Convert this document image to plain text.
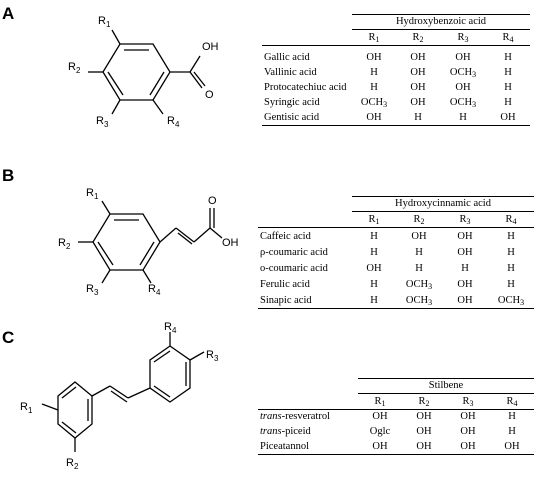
A
OH
O
$R_1$
$R_2$
$R_3$	$R_4$
Hydroxybenzoic acid
R1	R2	R3	R4
Gallic acid	OH	OH	OH	H
Vallinic acid	H	OH	OCH3	H
Protocatechiuc acid	H	OH	OH	H
Syringic acid	OCH3	OH	OCH3	H
Gentisic acid	OH	H	H	OH
B
O
OH
$R_1$
$R_2$
$R_3$	$R_4$
Hydroxycinnamic acid
R1	R2	R3	R4
Caffeic acid	H	OH	OH	H
ρ-coumaric acid	H	H	OH	H
o-coumaric acid	OH	H	H	H
Ferulic acid	H	OCH3	OH	H
Sinapic acid	H	OCH3	OH	OCH3
C
$R_1$
$R_2$
$R_3$
$R_4$
Stilbene
R1	R2	R3	R4
trans-resveratrol	OH	OH	OH	H
trans-piceid	Oglc	OH	OH	H
Piceatannol	OH	OH	OH	OH
